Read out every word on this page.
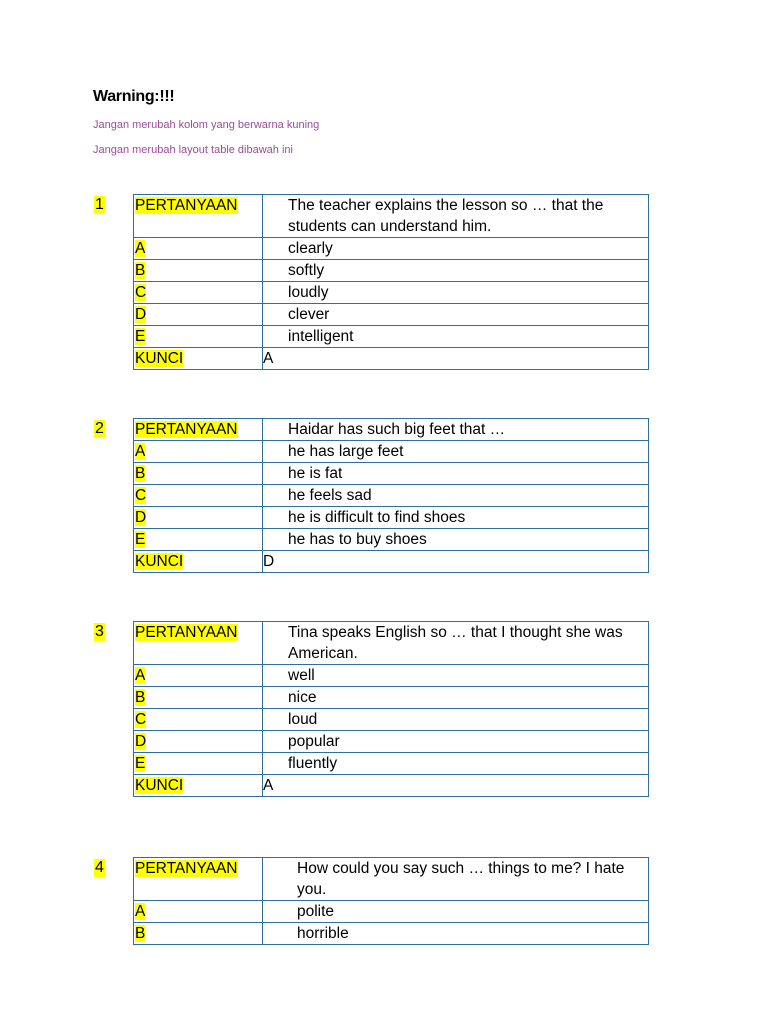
Warning:!!!
Jangan merubah kolom yang berwarna kuning
Jangan merubah layout table dibawah ini
1 PERTANYAAN	The teacher explains the lesson so … that the students can understand him.
A	clearly
B	softly
C	loudly
D	clever
E	intelligent
KUNCI	A
2 PERTANYAAN	Haidar has such big feet that …
A	he has large feet
B	he is fat
C	he feels sad
D	he is difficult to find shoes
E	he has to buy shoes
KUNCI	D
3 PERTANYAAN	Tina speaks English so … that I thought she was American.
A	well
B	nice
C	loud
D	popular
E	fluently
KUNCI	A
4 PERTANYAAN	How could you say such … things to me? I hate you.
A	polite
B	horrible
